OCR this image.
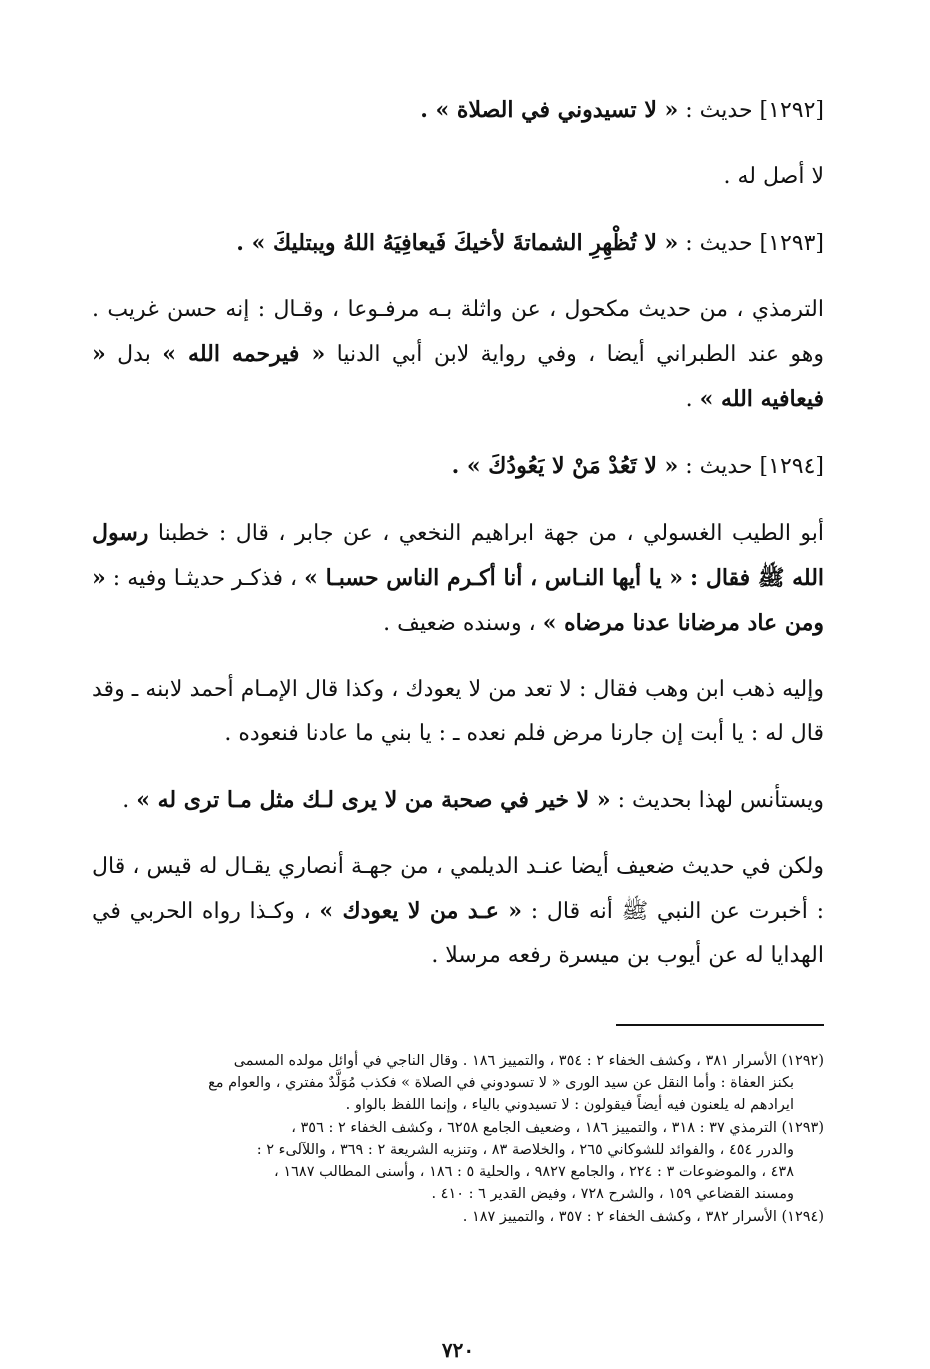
[١٢٩٢] حديث : « لا تسيدوني في الصلاة » .

لا أصل له .

[١٢٩٣] حديث : « لا تُظْهِرِ الشماتةَ لأخيكَ فَيعافِيَهُ اللهُ ويبتليكَ » .

الترمذي ، من حديث مكحول ، عن واثلة بـه مرفـوعا ، وقـال : إنه حسن غريب . وهو عند الطبراني أيضا ، وفي رواية لابن أبي الدنيا « فيرحمه الله » بدل « فيعافيه الله » .

[١٢٩٤] حديث : « لا تَعُدْ مَنْ لا يَعُودُكَ » .

أبو الطيب الغسولي ، من جهة ابراهيم النخعي ، عن جابر ، قال : خطبنا رسول الله ﷺ فقال : « يا أيها النـاس ، أنا أكـرم الناس حسبـا » ، فذكـر حديثـا وفيه : « ومن عاد مرضانا عدنا مرضاه » ، وسنده ضعيف .

وإليه ذهب ابن وهب فقال : لا تعد من لا يعودك ، وكذا قال الإمـام أحمد لابنه ـ وقد قال له : يا أبت إن جارنا مرض فلم نعده ـ : يا بني ما عادنا فنعوده .

ويستأنس لهذا بحديث : « لا خير في صحبة من لا يرى لـك مثل مـا ترى له » .

ولكن في حديث ضعيف أيضا عنـد الديلمي ، من جهـة أنصاري يقـال له قيس ، قال : أخبرت عن النبي ﷺ أنه قال : « عـد من لا يعودك » ، وكـذا رواه الحربي في الهدايا له عن أيوب بن ميسرة رفعه مرسلا .

(١٢٩٢) الأسرار ٣٨١ ، وكشف الخفاء ٢ : ٣٥٤ ، والتمييز ١٨٦ . وقال الناجي في أوائل مولده المسمى
بكنز العفاة : وأما النقل عن سيد الورى « لا تسودوني في الصلاة » فكذب مُوَلَّدٌ مفتري ، والعوام مع
ايرادهم له يلعنون فيه أيضاً فيقولون : لا تسيدوني بالياء ، وإنما اللفظ بالواو .
(١٢٩٣) الترمذي ٣٧ : ٣١٨ ، والتمييز ١٨٦ ، وضعيف الجامع ٦٢٥٨ ، وكشف الخفاء ٢ : ٣٥٦ ،
والدرر ٤٥٤ ، والفوائد للشوكاني ٢٦٥ ، والخلاصة ٨٣ ، وتنزيه الشريعة ٢ : ٣٦٩ ، واللآلىء ٢ :
٤٣٨ ، والموضوعات ٣ : ٢٢٤ ، والجامع ٩٨٢٧ ، والحلية ٥ : ١٨٦ ، وأسنى المطالب ١٦٨٧ ،
ومسند القضاعي ١٥٩ ، والشرح ٧٢٨ ، وفيض القدير ٦ : ٤١٠ .
(١٢٩٤) الأسرار ٣٨٢ ، وكشف الخفاء ٢ : ٣٥٧ ، والتمييز ١٨٧ .
٧٢٠
